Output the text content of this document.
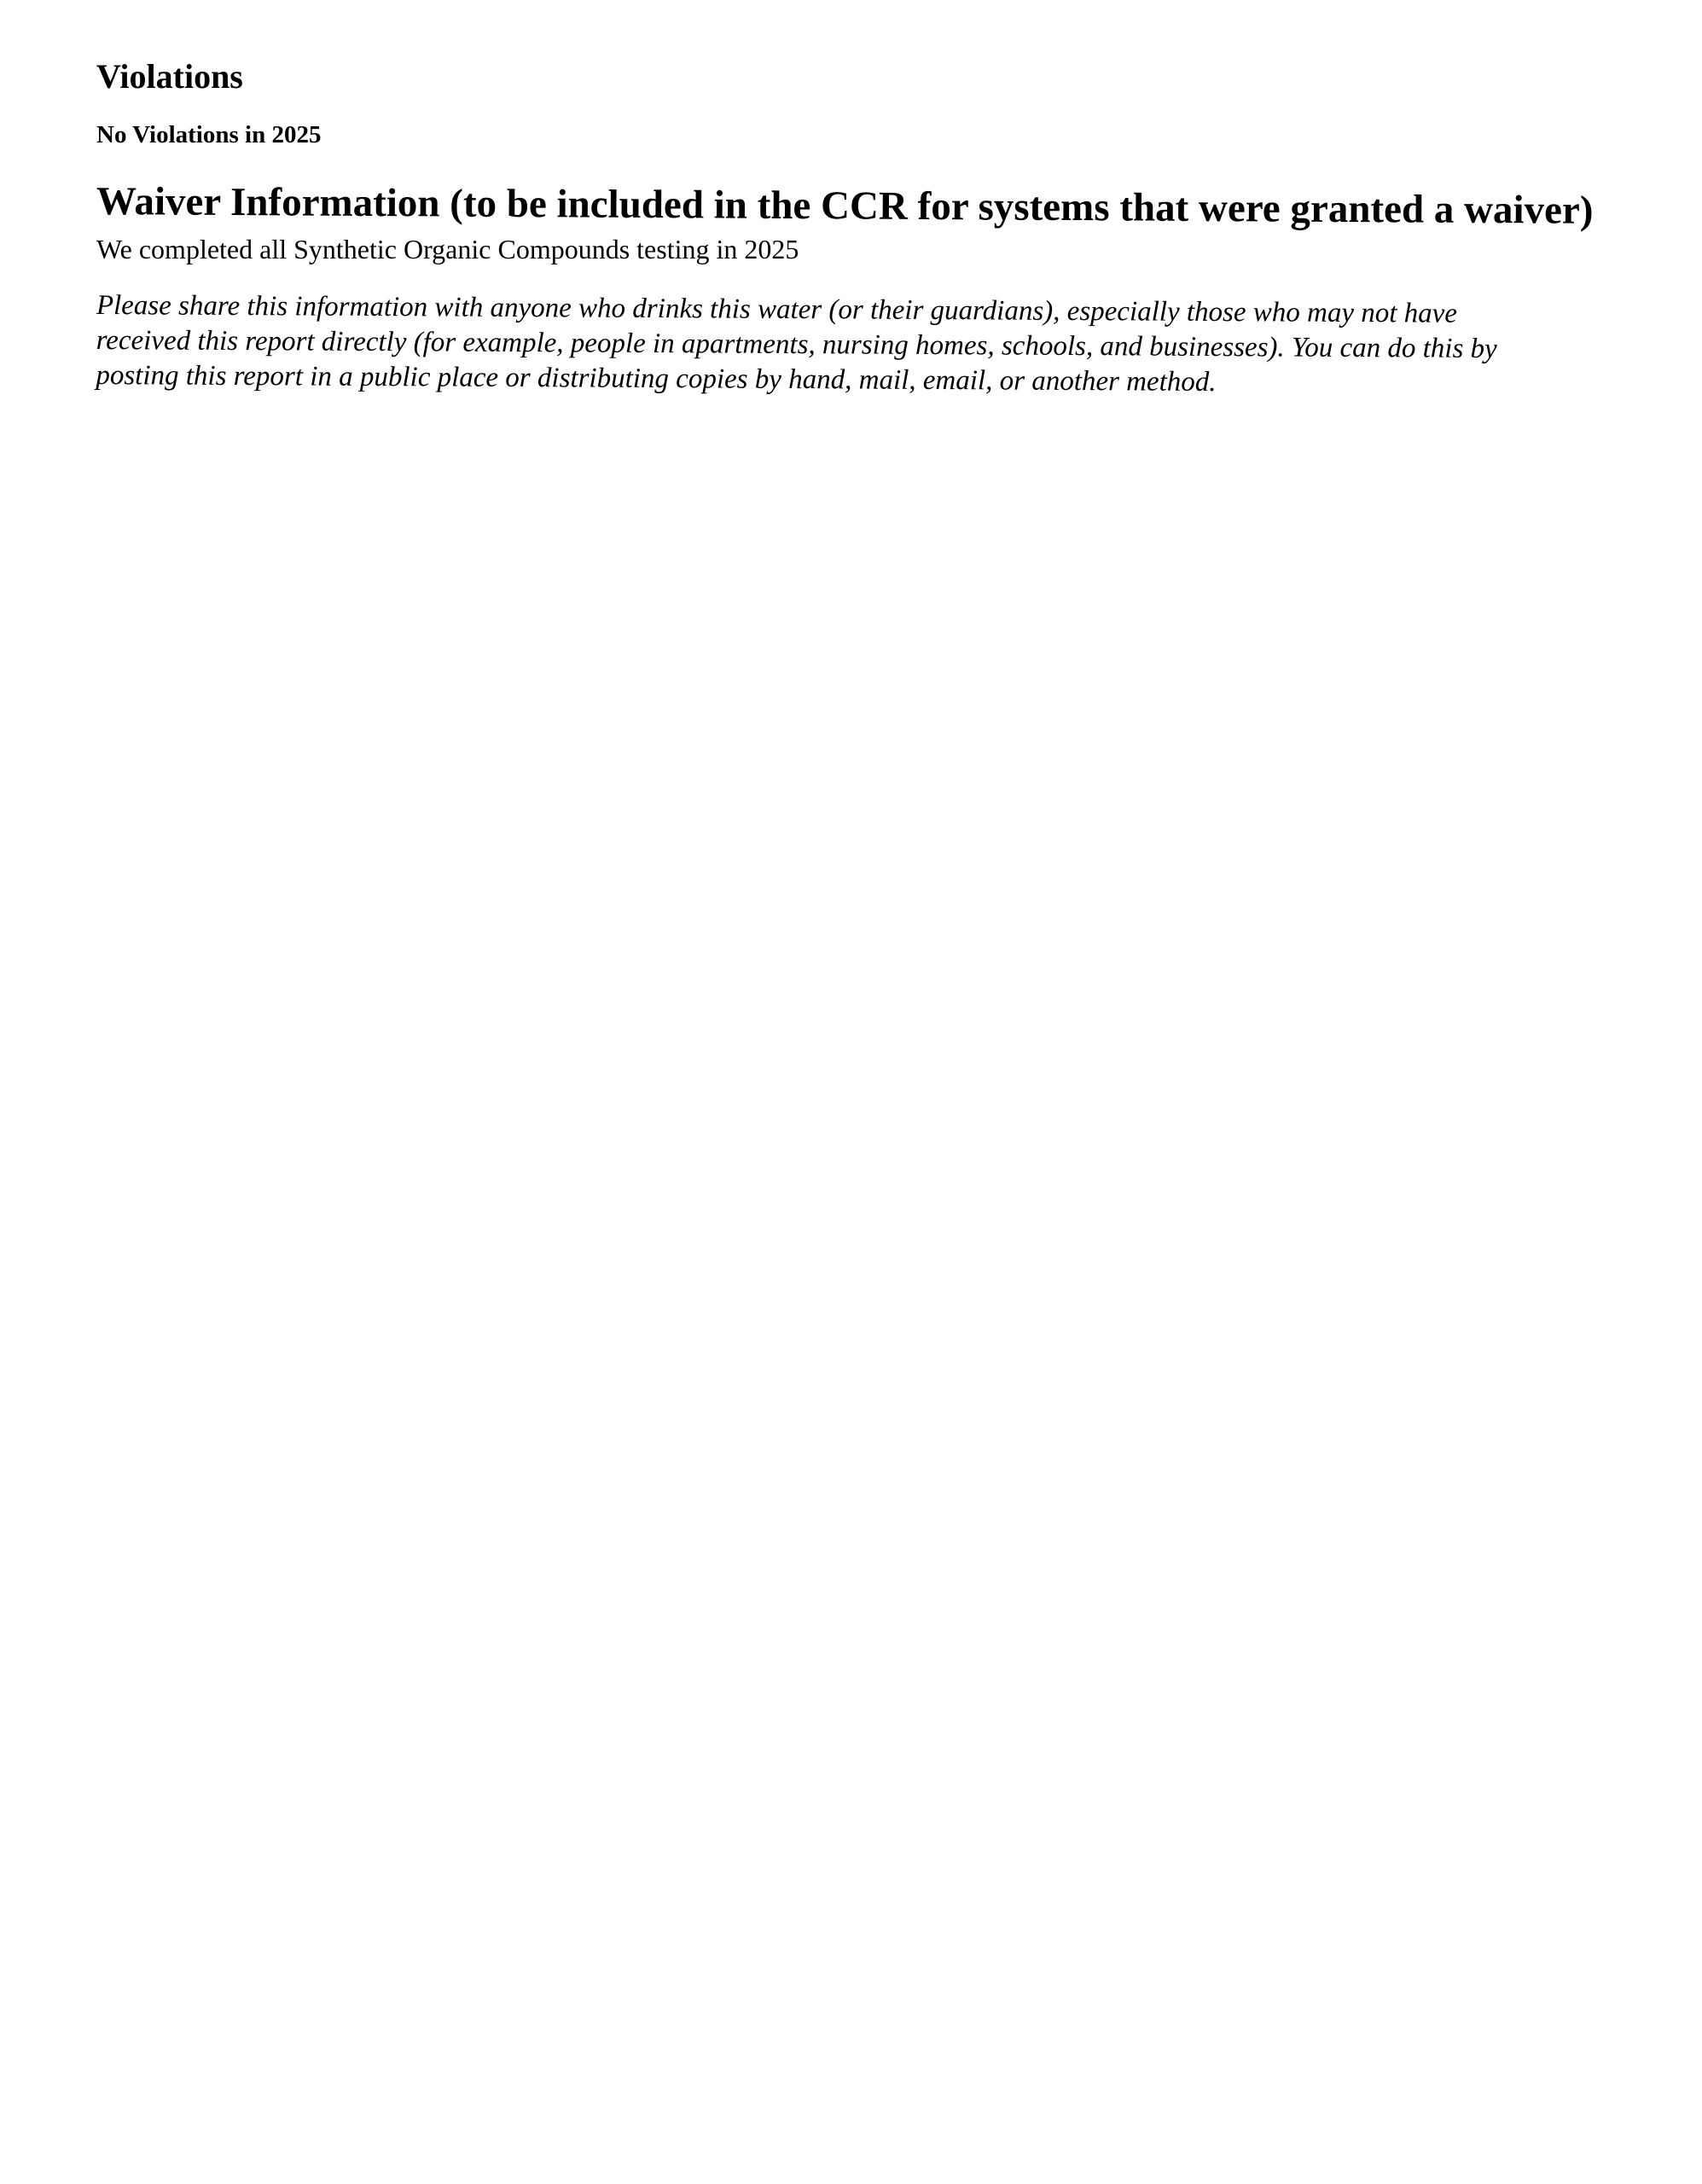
Violations

No Violations in 2025

Waiver Information (to be included in the CCR for systems that were granted a waiver)

We completed all Synthetic Organic Compounds testing in 2025

Please share this information with anyone who drinks this water (or their guardians), especially those who may not have received this report directly (for example, people in apartments, nursing homes, schools, and businesses). You can do this by posting this report in a public place or distributing copies by hand, mail, email, or another method.
